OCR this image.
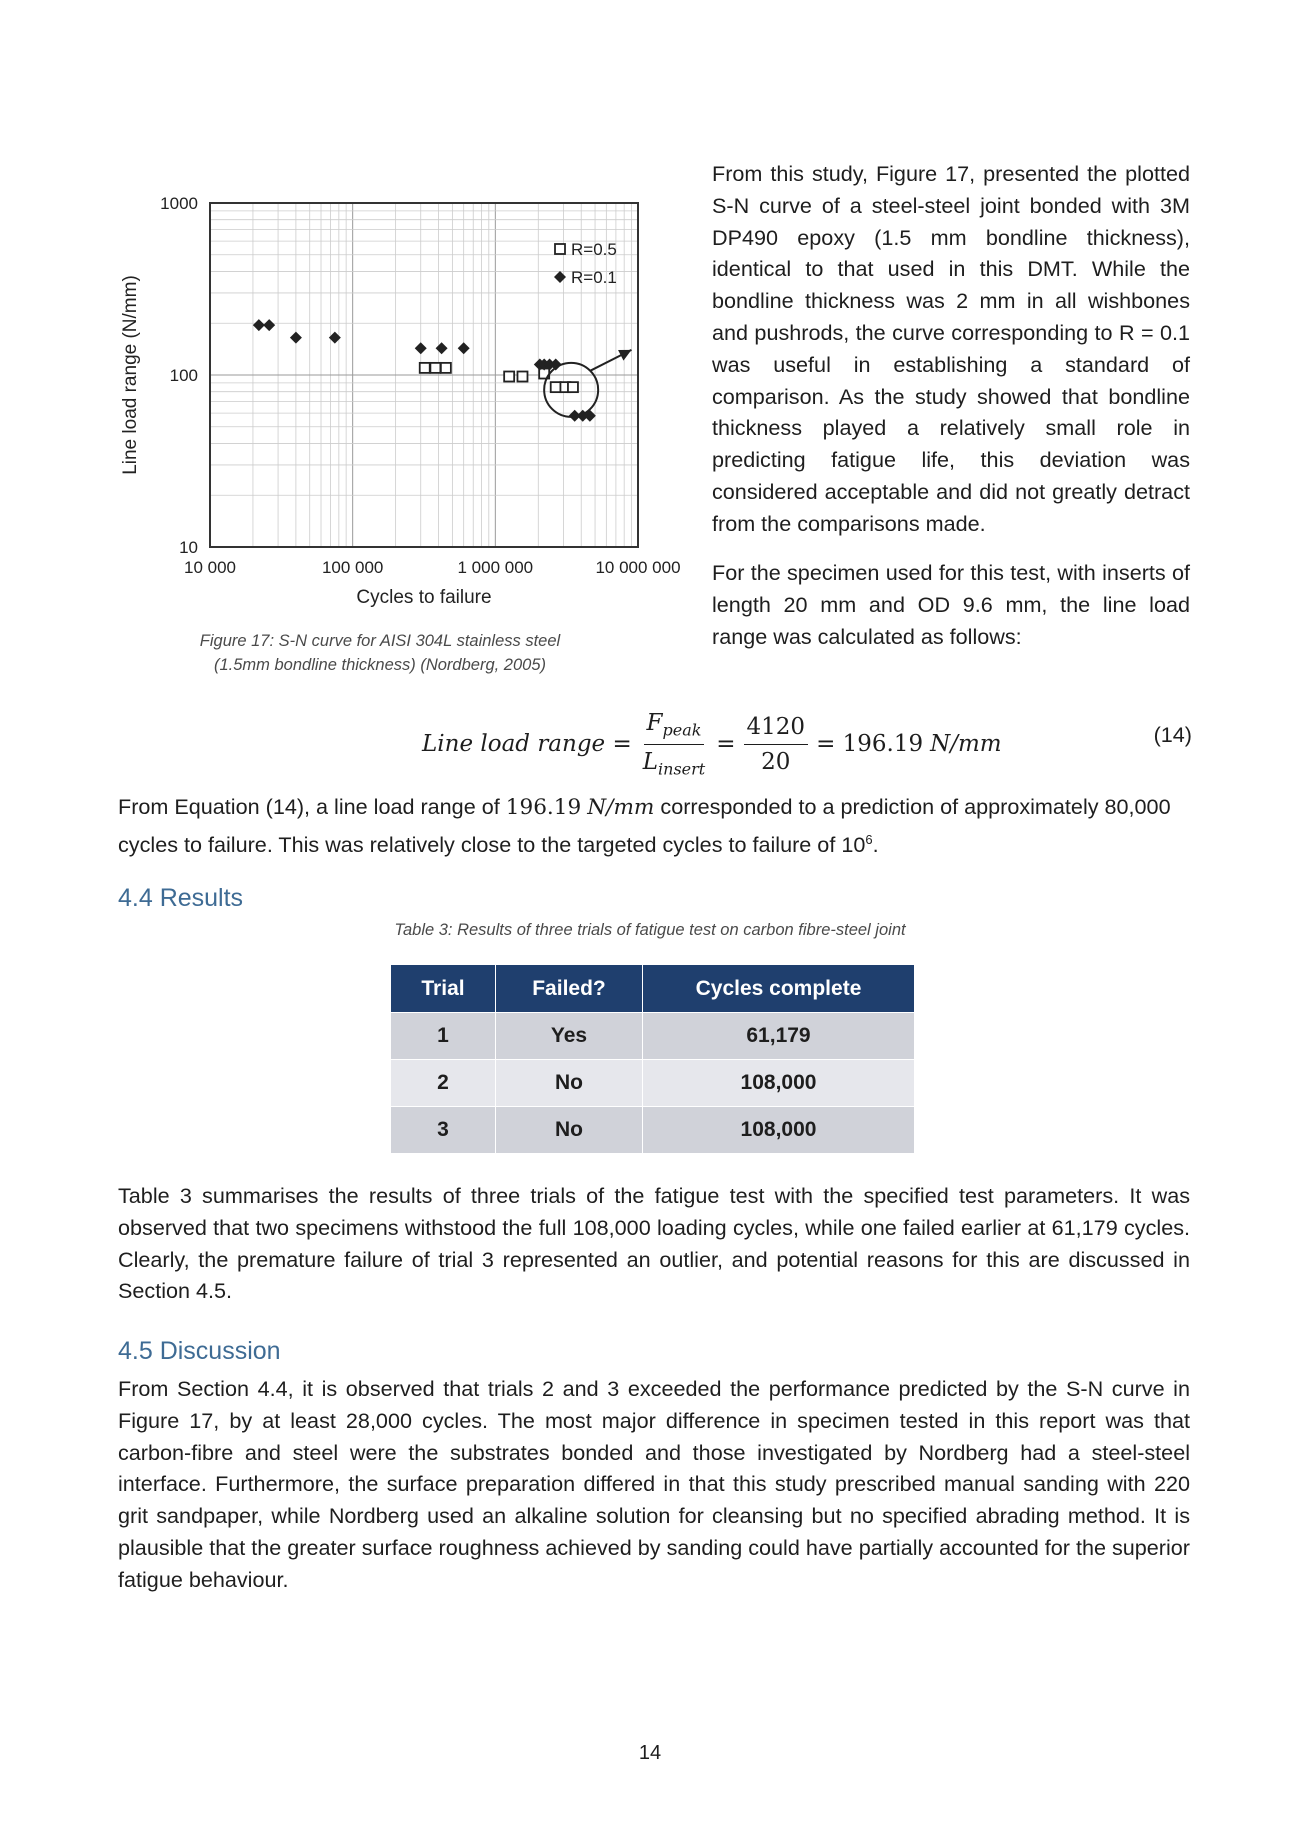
10 000	100 000	1 000 000	10 000 000
10
100
1000
Cycles to failure
Line load range (N/mm)
R=0.5
R=0.1
Figure 17: S-N curve for AISI 304L stainless steel
(1.5mm bondline thickness) (Nordberg, 2005)
From this study, Figure 17, presented the plotted S-N curve of a steel-steel joint bonded with 3M DP490 epoxy (1.5 mm bondline thickness), identical to that used in this DMT. While the bondline thickness was 2 mm in all wishbones and pushrods, the curve corresponding to R = 0.1 was useful in establishing a standard of comparison. As the study showed that bondline thickness played a relatively small role in predicting fatigue life, this deviation was considered acceptable and did not greatly detract from the comparisons made.
For the specimen used for this test, with inserts of length 20 mm and OD 9.6 mm, the line load range was calculated as follows:
Line load range = $\frac{F_{peak}}{L_{insert}} = \frac{4120}{20} = 196.19$ N/mm	(14)
From Equation (14), a line load range of 196.19 N/mm corresponded to a prediction of approximately 80,000
cycles to failure. This was relatively close to the targeted cycles to failure of $10^6$.
4.4 Results
Table 3: Results of three trials of fatigue test on carbon fibre-steel joint
Trial	Failed?	Cycles complete
1	Yes	61,179
2	No	108,000
3	No	108,000
Table 3 summarises the results of three trials of the fatigue test with the specified test parameters. It was observed that two specimens withstood the full 108,000 loading cycles, while one failed earlier at 61,179 cycles. Clearly, the premature failure of trial 3 represented an outlier, and potential reasons for this are discussed in Section 4.5.
4.5 Discussion
From Section 4.4, it is observed that trials 2 and 3 exceeded the performance predicted by the S-N curve in Figure 17, by at least 28,000 cycles. The most major difference in specimen tested in this report was that carbon-fibre and steel were the substrates bonded and those investigated by Nordberg had a steel-steel interface. Furthermore, the surface preparation differed in that this study prescribed manual sanding with 220 grit sandpaper, while Nordberg used an alkaline solution for cleansing but no specified abrading method. It is plausible that the greater surface roughness achieved by sanding could have partially accounted for the superior fatigue behaviour.
14
